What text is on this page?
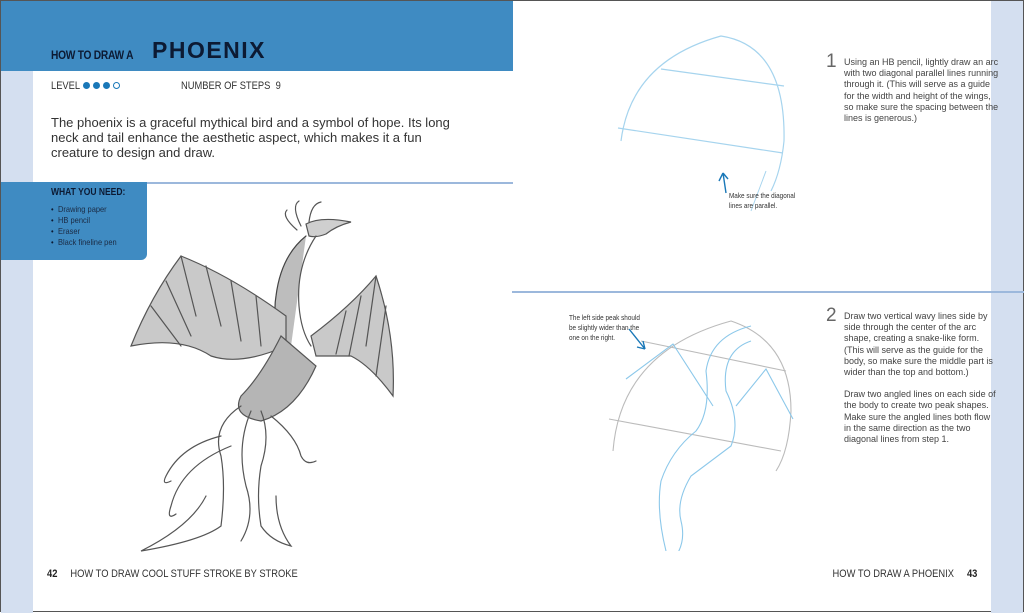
HOW TO DRAW A PHOENIX
LEVEL	NUMBER OF STEPS 9
The phoenix is a graceful mythical bird and a symbol of hope. Its long neck and tail enhance the aesthetic aspect, which makes it a fun creature to design and draw.
WHAT YOU NEED:
• Drawing paper
• HB pencil
• Eraser
• Black fineline pen
42 HOW TO DRAW COOL STUFF STROKE BY STROKE
Make sure the diagonal lines are parallel.
1 Using an HB pencil, lightly draw an arc with two diagonal parallel lines running through it. (This will serve as a guide for the width and height of the wings, so make sure the spacing between the lines is generous.)

The left side peak should be slightly wider than the one on the right.
2 Draw two vertical wavy lines side by side through the center of the arc shape, creating a snake-like form. (This will serve as the guide for the body, so make sure the middle part is wider than the top and bottom.)

Draw two angled lines on each side of the body to create two peak shapes. Make sure the angled lines both flow in the same direction as the two diagonal lines from step 1.

HOW TO DRAW A PHOENIX 43
